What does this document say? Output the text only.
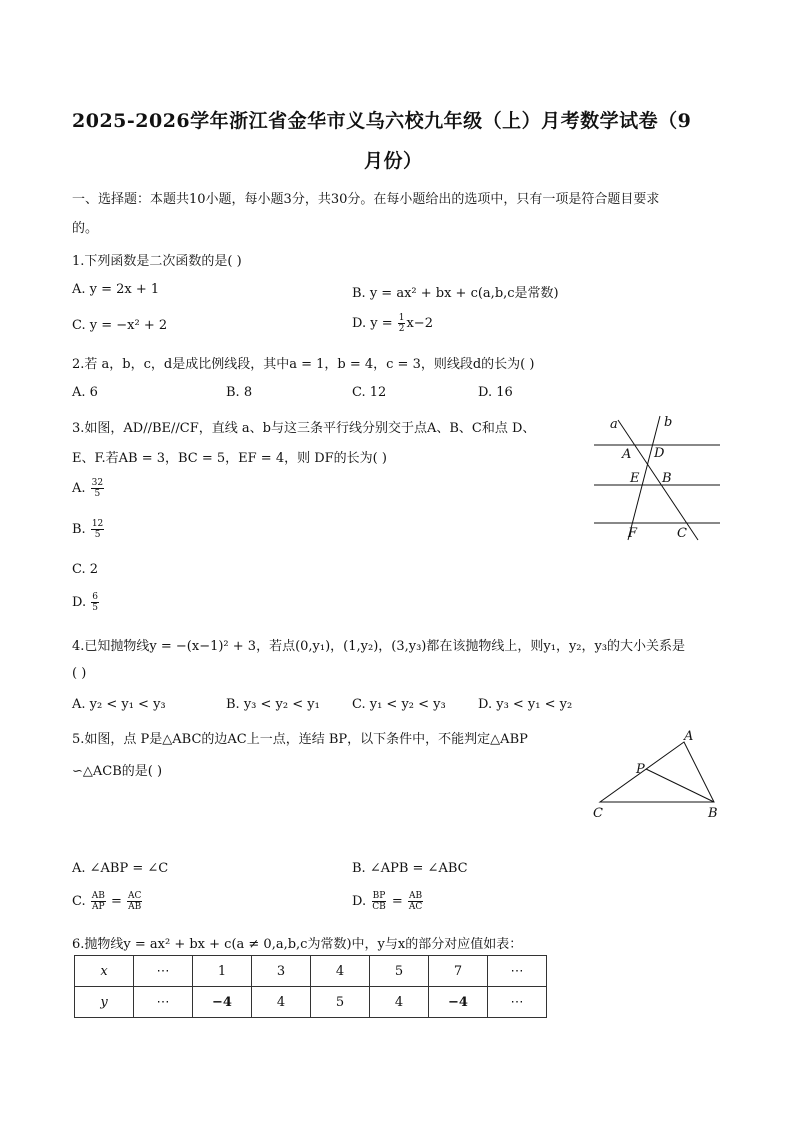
2025-2026学年浙江省金华市义乌六校九年级（上）月考数学试卷（9
月份）
一、选择题：本题共10小题，每小题3分，共30分。在每小题给出的选项中，只有一项是符合题目要求
的。
1.下列函数是二次函数的是( )
A. y = 2x + 1	B. y = ax² + bx + c(a,b,c是常数)
C. y = −x² + 2	D. $y = \frac{1}{2} x-2$
2.若 a，b，c，d是成比例线段，其中a = 1，b = 4，c = 3，则线段d的长为( )
A. 6	B. 8	C. 12	D. 16
3.如图，AD//BE//CF，直线 a、b与这三条平行线分别交于点A、B、C和点 D、
E、F.若AB = 3，BC = 5，EF = 4，则 DF的长为( )
A. $\frac{32}{5}$
B. $\frac{12}{5}$
C. 2
D. $\frac{6}{5}$
a	b
A D
E B
F	C
4.已知抛物线y = −(x−1)² + 3，若点(0,y₁)，(1,y₂)，(3,y₃)都在该抛物线上，则y₁，y₂，y₃的大小关系是
( )
A. y₂ < y₁ < y₃	B. y₃ < y₂ < y₁ C. y₁ < y₂ < y₃ D. y₃ < y₁ < y₂
5.如图，点 P是△ABC的边AC上一点，连结 BP，以下条件中，不能判定△ABP
∽△ACB的是( )
A
P
C	B
A. ∠ABP = ∠C	B. ∠APB = ∠ABC
C. $\frac{AB}{AP} = \frac{AC}{AB}$	D. $\frac{BP}{CB} = \frac{AB}{AC}$
6.抛物线y = ax² + bx + c(a ≠ 0,a,b,c为常数)中，y与x的部分对应值如表：
x	⋯	1	3	4	5	7	⋯
y	⋯	−4	4	5	4	−4	⋯
